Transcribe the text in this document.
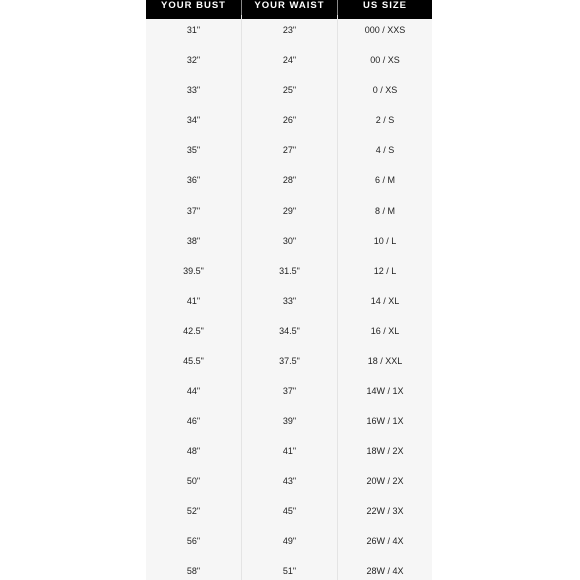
YOUR BUST	YOUR WAIST	US SIZE
31"	23"	000 / XXS
32"	24"	00 / XS
33"	25"	0 / XS
34"	26"	2 / S
35"	27"	4 / S
36"	28"	6 / M
37"	29"	8 / M
38"	30"	10 / L
39.5"	31.5"	12 / L
41"	33"	14 / XL
42.5"	34.5"	16 / XL
45.5"	37.5"	18 / XXL
44"	37"	14W / 1X
46"	39"	16W / 1X
48"	41"	18W / 2X
50"	43"	20W / 2X
52"	45"	22W / 3X
56"	49"	26W / 4X
58"	51"	28W / 4X
